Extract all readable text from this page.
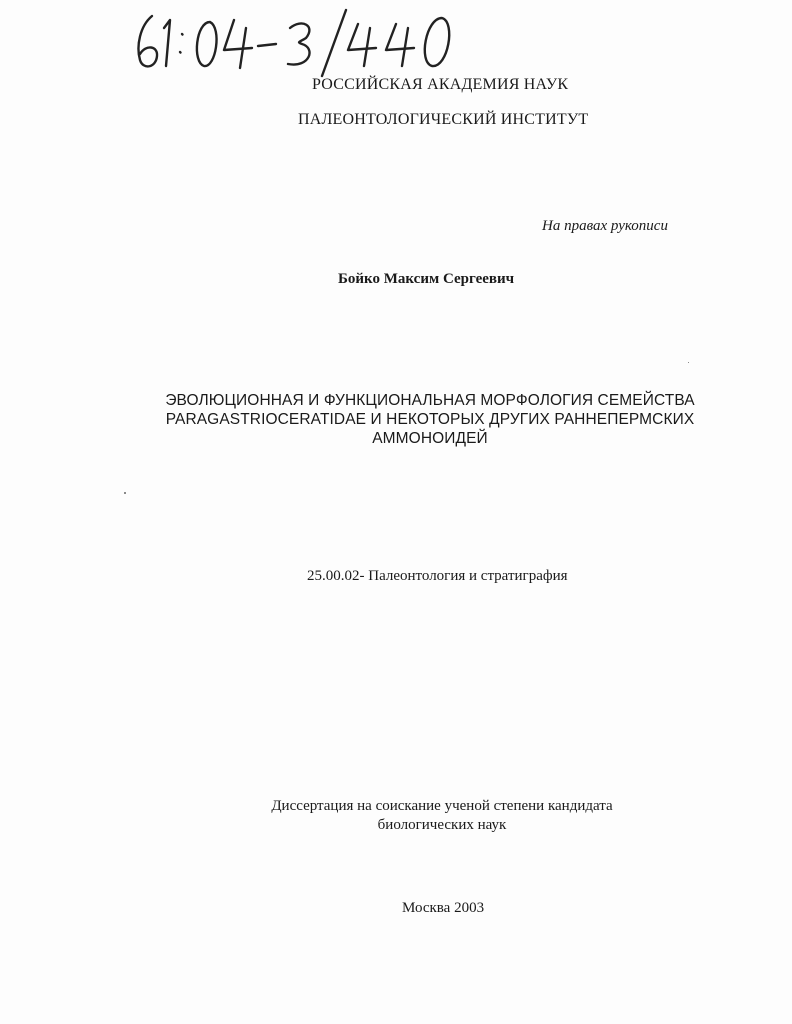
РОССИЙСКАЯ АКАДЕМИЯ НАУК
ПАЛЕОНТОЛОГИЧЕСКИЙ ИНСТИТУТ
На правах рукописи
Бойко Максим Сергеевич
ЭВОЛЮЦИОННАЯ И ФУНКЦИОНАЛЬНАЯ МОРФОЛОГИЯ СЕМЕЙСТВА
PARAGASTRIOCERATIDAE И НЕКОТОРЫХ ДРУГИХ РАННЕПЕРМСКИХ
АММОНОИДЕЙ
25.00.02- Палеонтология и стратиграфия
Диссертация на соискание ученой степени кандидата
биологических наук
Москва 2003
